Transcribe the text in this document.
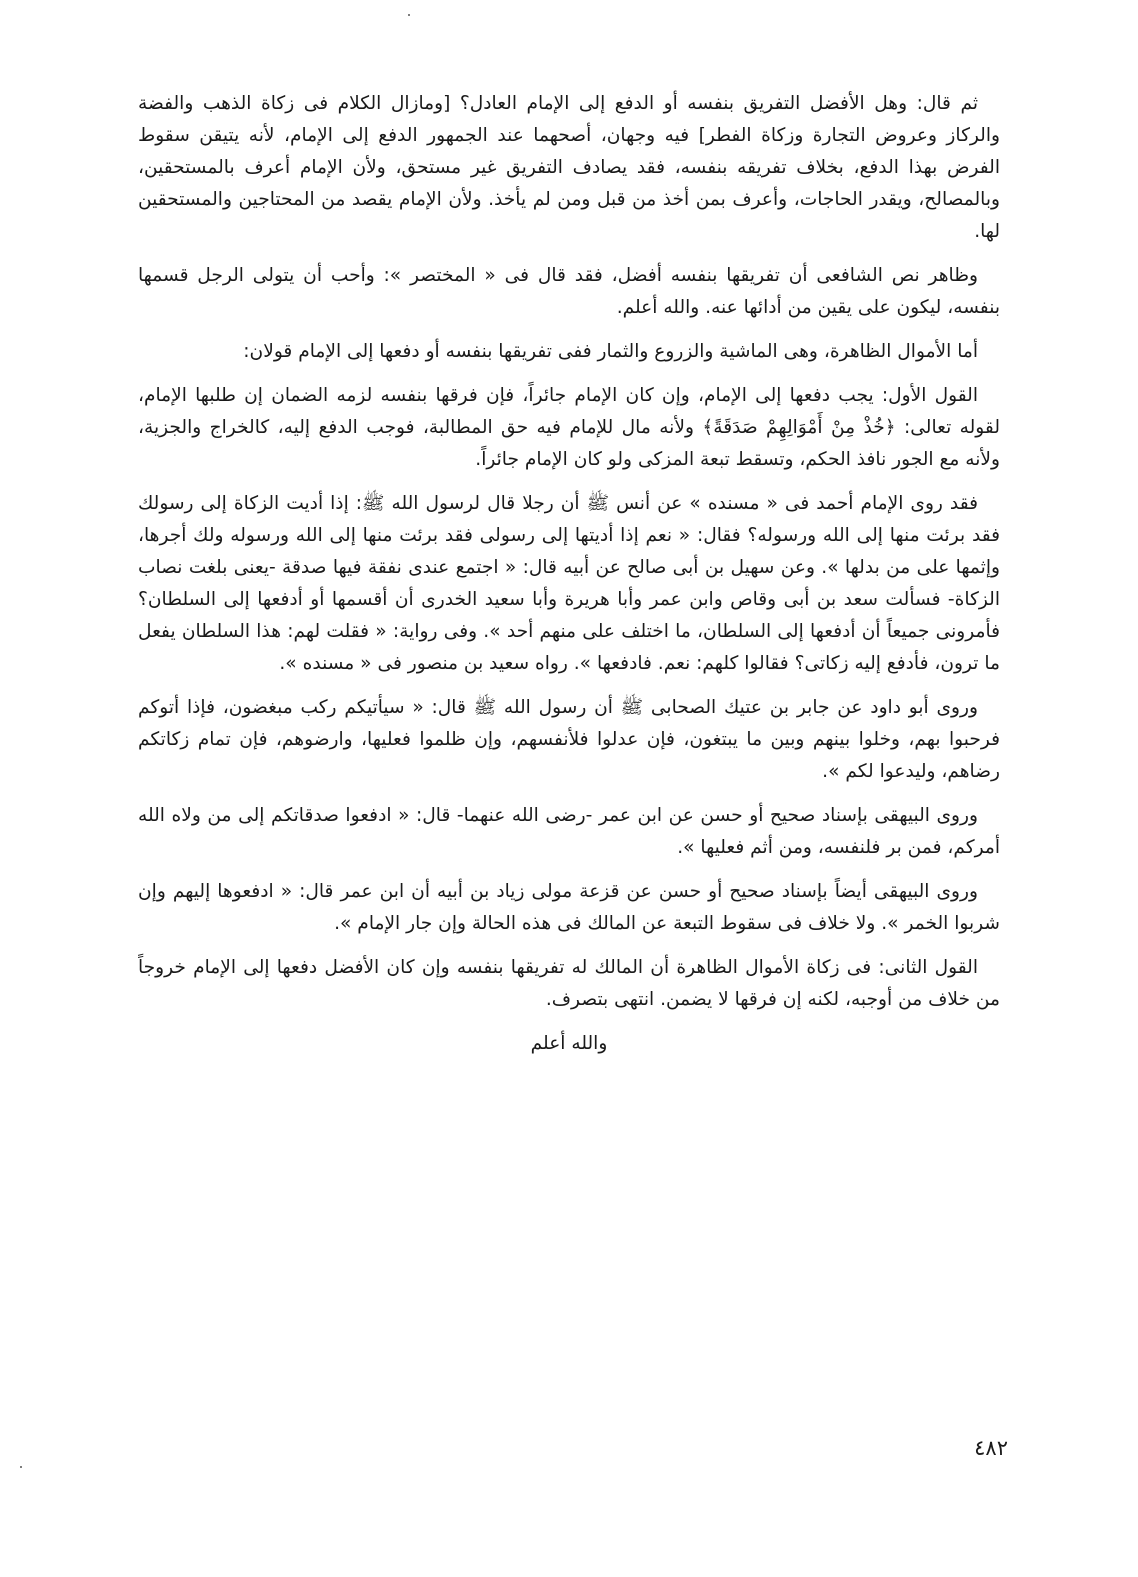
ثم قال: وهل الأفضل التفريق بنفسه أو الدفع إلى الإمام العادل؟ [ومازال الكلام فى زكاة الذهب والفضة والركاز وعروض التجارة وزكاة الفطر] فيه وجهان، أصحهما عند الجمهور الدفع إلى الإمام، لأنه يتيقن سقوط الفرض بهذا الدفع، بخلاف تفريقه بنفسه، فقد يصادف التفريق غير مستحق، ولأن الإمام أعرف بالمستحقين، وبالمصالح، ويقدر الحاجات، وأعرف بمن أخذ من قبل ومن لم يأخذ. ولأن الإمام يقصد من المحتاجين والمستحقين لها.

وظاهر نص الشافعى أن تفريقها بنفسه أفضل، فقد قال فى « المختصر »: وأحب أن يتولى الرجل قسمها بنفسه، ليكون على يقين من أدائها عنه. والله أعلم.

أما الأموال الظاهرة، وهى الماشية والزروع والثمار ففى تفريقها بنفسه أو دفعها إلى الإمام قولان:

القول الأول: يجب دفعها إلى الإمام، وإن كان الإمام جائراً، فإن فرقها بنفسه لزمه الضمان إن طلبها الإمام، لقوله تعالى: ﴿خُذْ مِنْ أَمْوَالِهِمْ صَدَقَةً﴾ ولأنه مال للإمام فيه حق المطالبة، فوجب الدفع إليه، كالخراج والجزية، ولأنه مع الجور نافذ الحكم، وتسقط تبعة المزكى ولو كان الإمام جائراً.

فقد روى الإمام أحمد فى « مسنده » عن أنس ﷺ أن رجلا قال لرسول الله ﷺ: إذا أديت الزكاة إلى رسولك فقد برئت منها إلى الله ورسوله؟ فقال: « نعم إذا أديتها إلى رسولى فقد برئت منها إلى الله ورسوله ولك أجرها، وإثمها على من بدلها ». وعن سهيل بن أبى صالح عن أبيه قال: « اجتمع عندى نفقة فيها صدقة -يعنى بلغت نصاب الزكاة- فسألت سعد بن أبى وقاص وابن عمر وأبا هريرة وأبا سعيد الخدرى أن أقسمها أو أدفعها إلى السلطان؟ فأمرونى جميعاً أن أدفعها إلى السلطان، ما اختلف على منهم أحد ». وفى رواية: « فقلت لهم: هذا السلطان يفعل ما ترون، فأدفع إليه زكاتى؟ فقالوا كلهم: نعم. فادفعها ». رواه سعيد بن منصور فى « مسنده ».

وروى أبو داود عن جابر بن عتيك الصحابى ﷺ أن رسول الله ﷺ قال: « سيأتيكم ركب مبغضون، فإذا أتوكم فرحبوا بهم، وخلوا بينهم وبين ما يبتغون، فإن عدلوا فلأنفسهم، وإن ظلموا فعليها، وارضوهم، فإن تمام زكاتكم رضاهم، وليدعوا لكم ».

وروى البيهقى بإسناد صحيح أو حسن عن ابن عمر -رضى الله عنهما- قال: « ادفعوا صدقاتكم إلى من ولاه الله أمركم، فمن بر فلنفسه، ومن أثم فعليها ».

وروى البيهقى أيضاً بإسناد صحيح أو حسن عن قزعة مولى زياد بن أبيه أن ابن عمر قال: « ادفعوها إليهم وإن شربوا الخمر ». ولا خلاف فى سقوط التبعة عن المالك فى هذه الحالة وإن جار الإمام ».

القول الثانى: فى زكاة الأموال الظاهرة أن المالك له تفريقها بنفسه وإن كان الأفضل دفعها إلى الإمام خروجاً من خلاف من أوجبه، لكنه إن فرقها لا يضمن. انتهى بتصرف.

والله أعلم

٤٨٢
